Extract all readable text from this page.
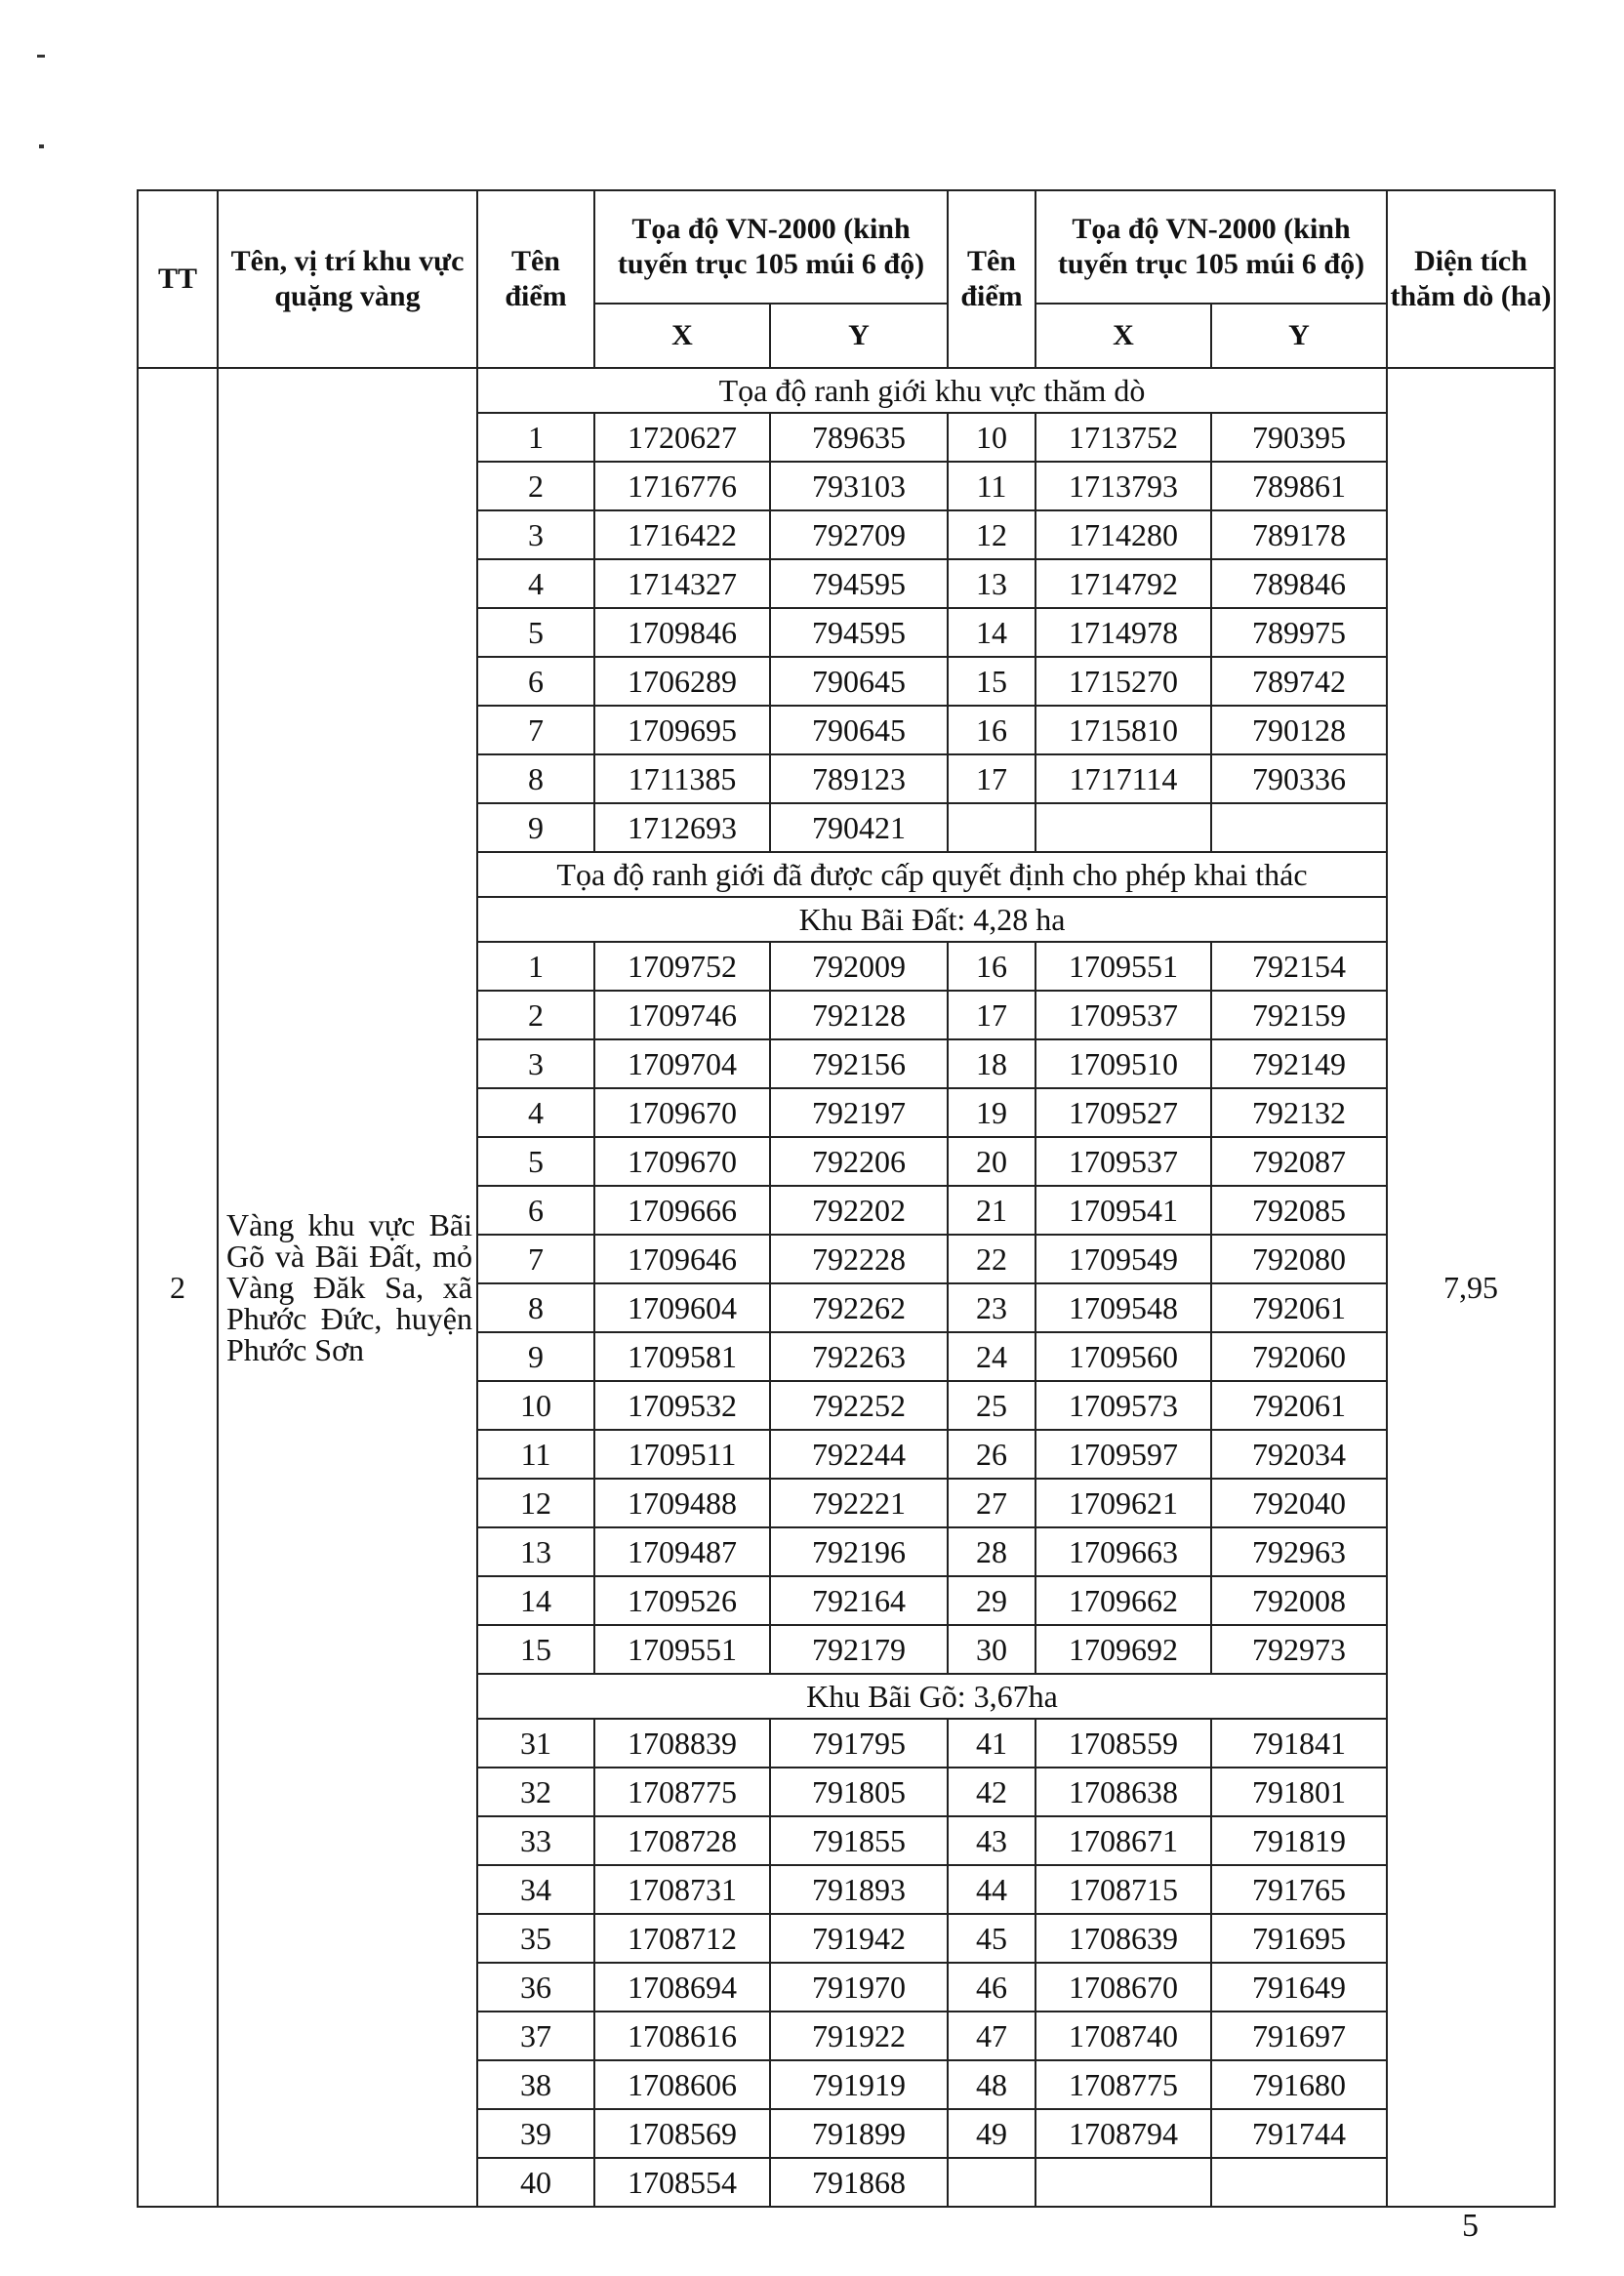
TT	Tên, vị trí khu vực quặng vàng	Tên điểm	Tọa độ VN-2000 (kinh tuyến trục 105 múi 6 độ)		Tên điểm	Tọa độ VN-2000 (kinh tuyến trục 105 múi 6 độ)		Diện tích thăm dò (ha)
			X	Y		X	Y	
2	Vàng khu vực Bãi Gõ và Bãi Đất, mỏ Vàng Đăk Sa, xã Phước Đức, huyện Phước Sơn	Tọa độ ranh giới khu vực thăm dò						7,95
		1	1720627	789635	10	1713752	790395	
		2	1716776	793103	11	1713793	789861	
		3	1716422	792709	12	1714280	789178	
		4	1714327	794595	13	1714792	789846	
		5	1709846	794595	14	1714978	789975	
		6	1706289	790645	15	1715270	789742	
		7	1709695	790645	16	1715810	790128	
		8	1711385	789123	17	1717114	790336	
		9	1712693	790421				
		Tọa độ ranh giới đã được cấp quyết định cho phép khai thác						
		Khu Bãi Đất: 4,28 ha						
		1	1709752	792009	16	1709551	792154	
		2	1709746	792128	17	1709537	792159	
		3	1709704	792156	18	1709510	792149	
		4	1709670	792197	19	1709527	792132	
		5	1709670	792206	20	1709537	792087	
		6	1709666	792202	21	1709541	792085	
		7	1709646	792228	22	1709549	792080	
		8	1709604	792262	23	1709548	792061	
		9	1709581	792263	24	1709560	792060	
		10	1709532	792252	25	1709573	792061	
		11	1709511	792244	26	1709597	792034	
		12	1709488	792221	27	1709621	792040	
		13	1709487	792196	28	1709663	792963	
		14	1709526	792164	29	1709662	792008	
		15	1709551	792179	30	1709692	792973	
		Khu Bãi Gõ: 3,67ha						
		31	1708839	791795	41	1708559	791841	
		32	1708775	791805	42	1708638	791801	
		33	1708728	791855	43	1708671	791819	
		34	1708731	791893	44	1708715	791765	
		35	1708712	791942	45	1708639	791695	
		36	1708694	791970	46	1708670	791649	
		37	1708616	791922	47	1708740	791697	
		38	1708606	791919	48	1708775	791680	
		39	1708569	791899	49	1708794	791744	
		40	1708554	791868				
5
